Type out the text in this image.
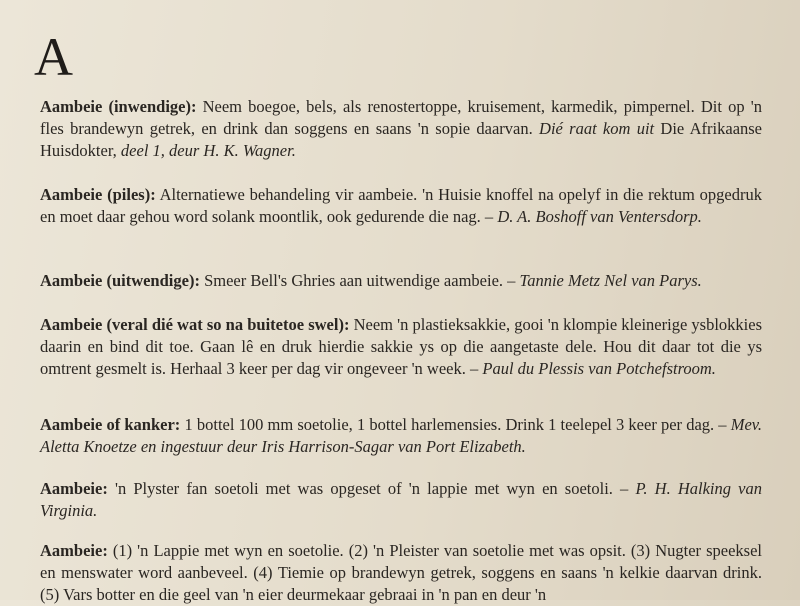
A

Aambeie (inwendige): Neem boegoe, bels, als renostertoppe, kruisement, karmedik, pimpernel. Dit op 'n fles brandewyn getrek, en drink dan soggens en saans 'n sopie daarvan. Dié raat kom uit Die Afrikaanse Huisdokter, deel 1, deur H. K. Wagner.

Aambeie (piles): Alternatiewe behandeling vir aambeie. 'n Huisie knoffel na opelyf in die rektum opgedruk en moet daar gehou word solank moontlik, ook gedurende die nag. – D. A. Boshoff van Ventersdorp.

Aambeie (uitwendige): Smeer Bell's Ghries aan uitwendige aambeie. – Tannie Metz Nel van Parys.

Aambeie (veral dié wat so na buitetoe swel): Neem 'n plastieksakkie, gooi 'n klompie kleinerige ysblokkies daarin en bind dit toe. Gaan lê en druk hierdie sakkie ys op die aangetaste dele. Hou dit daar tot die ys omtrent gesmelt is. Herhaal 3 keer per dag vir ongeveer 'n week. – Paul du Plessis van Potchefstroom.

Aambeie of kanker: 1 bottel 100 mm soetolie, 1 bottel harlemensies. Drink 1 teelepel 3 keer per dag. – Mev. Aletta Knoetze en ingestuur deur Iris Harrison-Sagar van Port Elizabeth.

Aambeie: 'n Plyster fan soetoli met was opgeset of 'n lappie met wyn en soetoli. – P. H. Halking van Virginia.

Aambeie: (1) 'n Lappie met wyn en soetolie. (2) 'n Pleister van soetolie met was opsit. (3) Nugter speeksel en menswater word aanbeveel. (4) Tiemie op brandewyn getrek, soggens en saans 'n kelkie daarvan drink. (5) Vars botter en die geel van 'n eier deurmekaar gebraai in 'n pan en deur 'n
